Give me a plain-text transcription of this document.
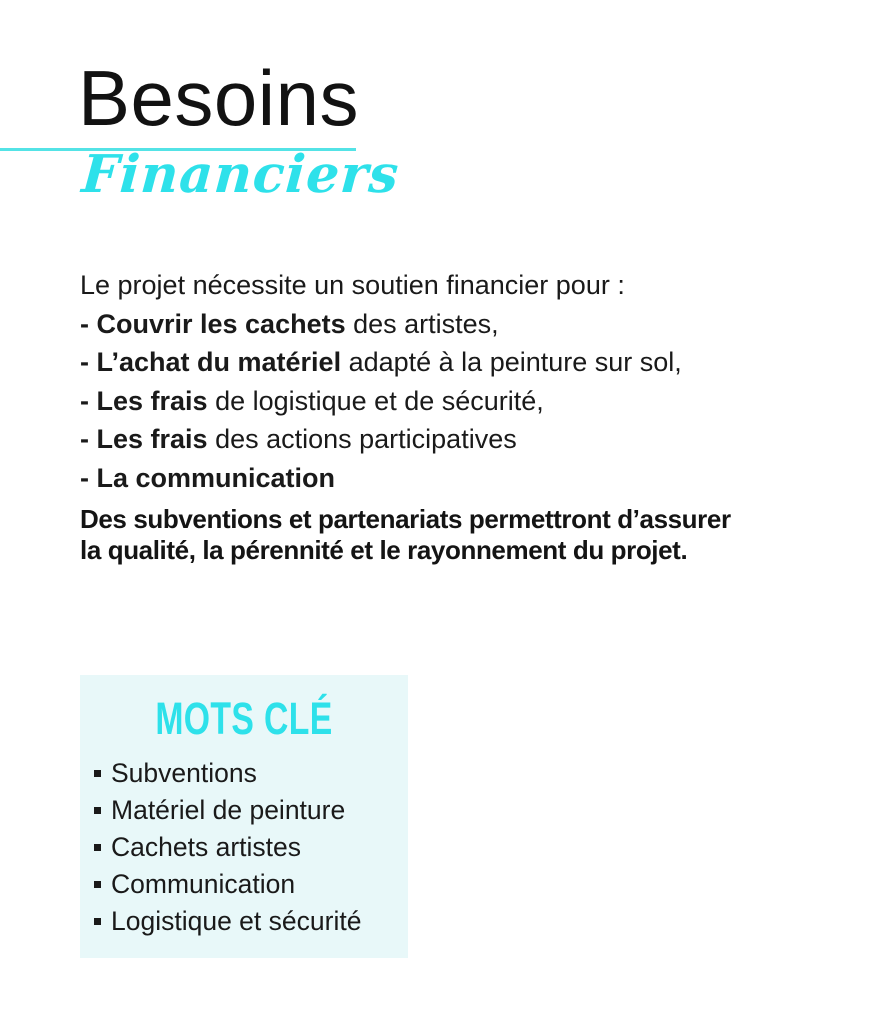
Besoins
Financiers

Le projet nécessite un soutien financier pour :

- Couvrir les cachets des artistes,

- L’achat du matériel adapté à la peinture sur sol,

- Les frais de logistique et de sécurité,

- Les frais des actions participatives

- La communication

Des subventions et partenariats permettront d’assurer

la qualité, la pérennité et le rayonnement du projet.

MOTS CLÉ
Subventions
Matériel de peinture
Cachets artistes
Communication
Logistique et sécurité
